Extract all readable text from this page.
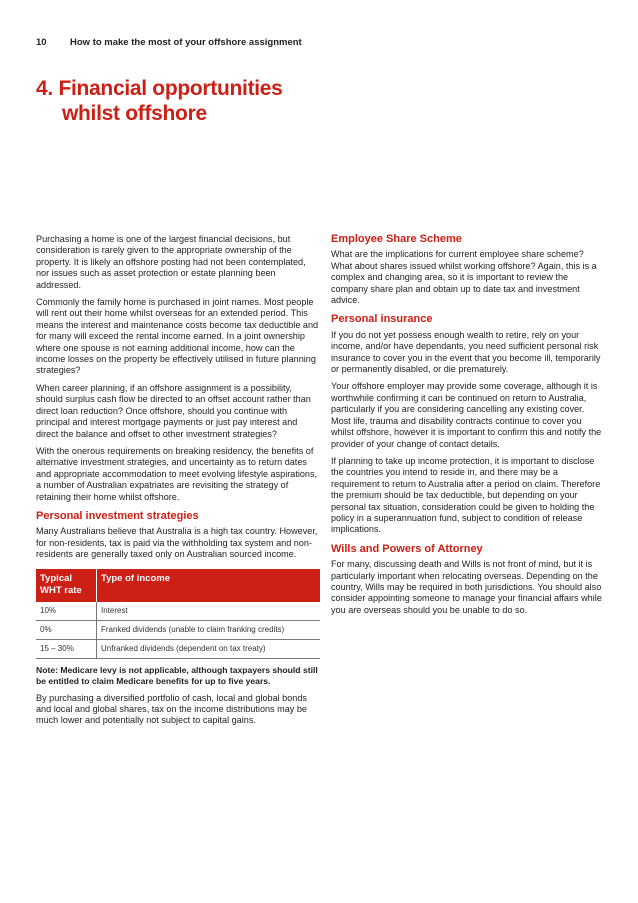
10 How to make the most of your offshore assignment
4. Financial opportunities
whilst offshore

Purchasing a home is one of the largest financial decisions, but consideration is rarely given to the appropriate ownership of the property. It is likely an offshore posting had not been contemplated, nor issues such as asset protection or estate planning been addressed.

Commonly the family home is purchased in joint names. Most people will rent out their home whilst overseas for an extended period. This means the interest and maintenance costs become tax deductible and for many will exceed the rental income earned. In a joint ownership where one spouse is not earning additional income, how can the income losses on the property be effectively utilised in future planning strategies?

When career planning, if an offshore assignment is a possibility, should surplus cash flow be directed to an offset account rather than direct loan reduction? Once offshore, should you continue with principal and interest mortgage payments or just pay interest and direct the balance and offset to other investment strategies?

With the onerous requirements on breaking residency, the benefits of alternative investment strategies, and uncertainty as to return dates and appropriate accommodation to meet evolving lifestyle aspirations, a number of Australian expatriates are revisiting the strategy of retaining their home whilst offshore.

Personal investment strategies

Many Australians believe that Australia is a high tax country. However, for non-residents, tax is paid via the withholding tax system and non-residents are generally taxed only on Australian sourced income.

Typical WHT rate	Type of income
10%	Interest
0%	Franked dividends (unable to claim franking credits)
15 – 30%	Unfranked dividends (dependent on tax treaty)

Note: Medicare levy is not applicable, although taxpayers should still be entitled to claim Medicare benefits for up to five years.

By purchasing a diversified portfolio of cash, local and global bonds and local and global shares, tax on the income distributions may be much lower and potentially not subject to capital gains.

Employee Share Scheme

What are the implications for current employee share scheme? What about shares issued whilst working offshore? Again, this is a complex and changing area, so it is important to review the company share plan and obtain up to date tax and investment advice.

Personal insurance

If you do not yet possess enough wealth to retire, rely on your income, and/or have dependants, you need sufficient personal risk insurance to cover you in the event that you become ill, temporarily or permanently disabled, or die prematurely.

Your offshore employer may provide some coverage, although it is worthwhile confirming it can be continued on return to Australia, particularly if you are considering cancelling any existing cover. Most life, trauma and disability contracts continue to cover you whilst offshore, however it is important to confirm this and notify the provider of your change of contact details.

If planning to take up income protection, it is important to disclose the countries you intend to reside in, and there may be a requirement to return to Australia after a period on claim. Therefore the premium should be tax deductible, but depending on your personal tax situation, consideration could be given to holding the policy in a superannuation fund, subject to condition of release implications.

Wills and Powers of Attorney

For many, discussing death and Wills is not front of mind, but it is particularly important when relocating overseas. Depending on the country, Wills may be required in both jurisdictions. You should also consider appointing someone to manage your financial affairs while you are overseas should you be unable to do so.
